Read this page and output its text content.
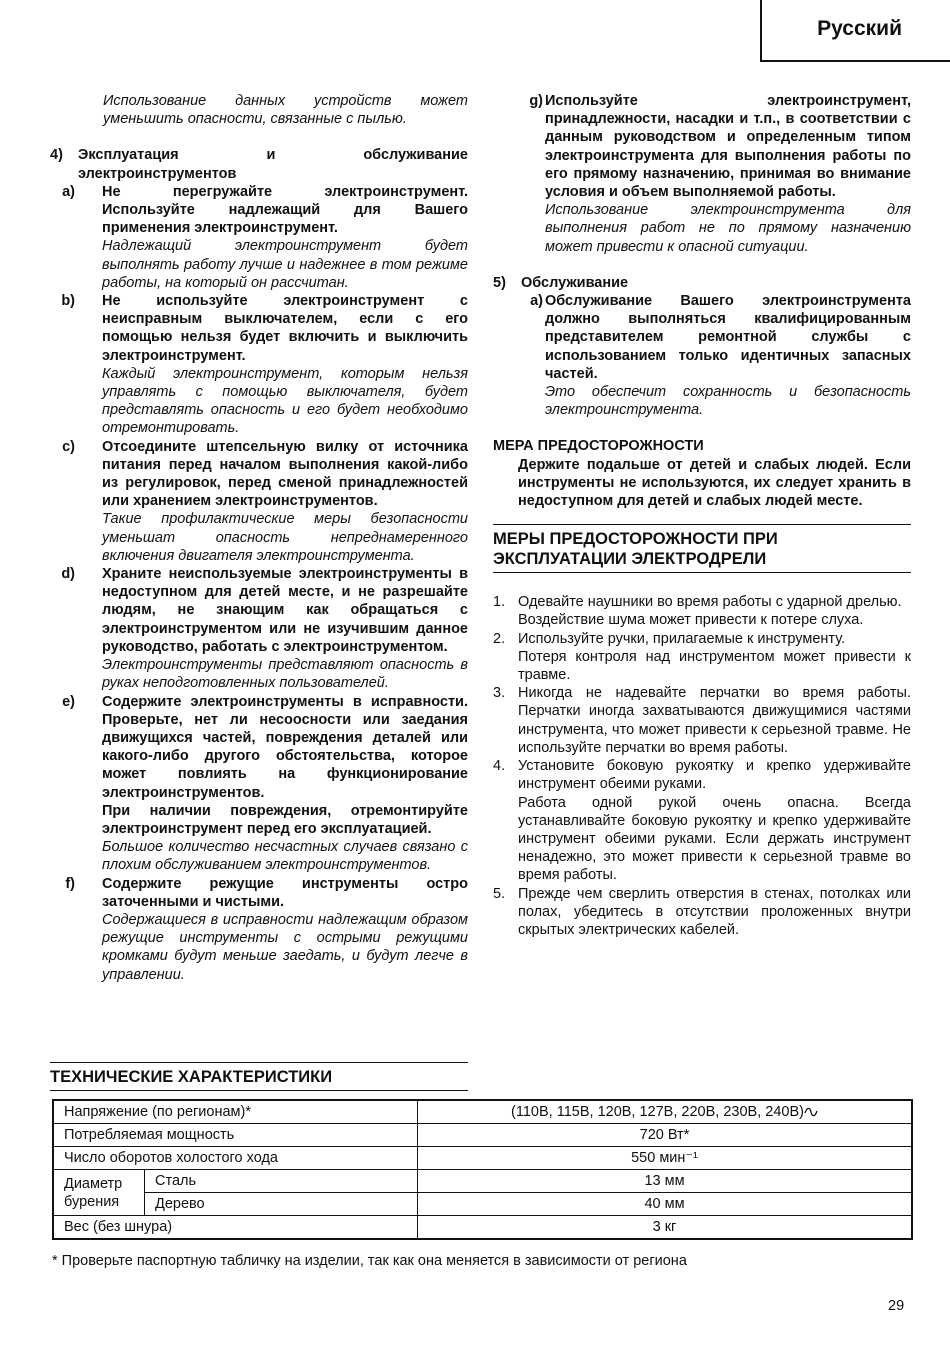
Русский
Использование данных устройств может уменьшить опасности, связанные с пылью.
4)	Эксплуатация и обслуживание
электроинструментов
a) Не перегружайте электроинструмент. Используйте надлежащий для Вашего применения электроинструмент.
Надлежащий электроинструмент будет выполнять работу лучше и надежнее в том режиме работы, на который он рассчитан.
b) Не используйте электроинструмент с неисправным выключателем, если с его помощью нельзя будет включить и выключить электроинструмент.
Каждый электроинструмент, которым нельзя управлять с помощью выключателя, будет представлять опасность и его будет необходимо отремонтировать.
c) Отсоедините штепсельную вилку от источника питания перед началом выполнения какой-либо из регулировок, перед сменой принадлежностей или хранением электроинструментов.
Такие профилактические меры безопасности уменьшат опасность непреднамеренного включения двигателя электроинструмента.
d) Храните неиспользуемые электроинструменты в недоступном для детей месте, и не разрешайте людям, не знающим как обращаться с электроинструментом или не изучившим данное руководство, работать с электроинструментом.
Электроинструменты представляют опасность в руках неподготовленных пользователей.
e) Содержите электроинструменты в исправности. Проверьте, нет ли несоосности или заедания движущихся частей, повреждения деталей или какого-либо другого обстоятельства, которое может повлиять на функционирование электроинструментов.
При наличии повреждения, отремонтируйте электроинструмент перед его эксплуатацией.
Большое количество несчастных случаев связано с плохим обслуживанием электроинструментов.
f) Содержите режущие инструменты остро заточенными и чистыми.
Содержащиеся в исправности надлежащим образом режущие инструменты с острыми режущими кромками будут меньше заедать, и будут легче в управлении.
g) Используйте электроинструмент, принадлежности, насадки и т.п., в соответствии с данным руководством и определенным типом электроинструмента для выполнения работы по его прямому назначению, принимая во внимание условия и объем выполняемой работы.
Использование электроинструмента для выполнения работ не по прямому назначению может привести к опасной ситуации.
5)	Обслуживание
a) Обслуживание Вашего электроинструмента должно выполняться квалифицированным представителем ремонтной службы с использованием только идентичных запасных частей.
Это обеспечит сохранность и безопасность электроинструмента.
МЕРА ПРЕДОСТОРОЖНОСТИ
Держите подальше от детей и слабых людей. Если инструменты не используются, их следует хранить в недоступном для детей и слабых людей месте.
МЕРЫ ПРЕДОСТОРОЖНОСТИ ПРИ ЭКСПЛУАТАЦИИ ЭЛЕКТРОДРЕЛИ
1. Одевайте наушники во время работы с ударной дрелью.
Воздействие шума может привести к потере слуха.
2. Используйте ручки, прилагаемые к инструменту.
Потеря контроля над инструментом может привести к травме.
3. Никогда не надевайте перчатки во время работы. Перчатки иногда захватываются движущимися частями инструмента, что может привести к серьезной травме. Не используйте перчатки во время работы.
4. Установите боковую рукоятку и крепко удерживайте инструмент обеими руками.
Работа одной рукой очень опасна. Всегда устанавливайте боковую рукоятку и крепко удерживайте инструмент обеими руками. Если держать инструмент ненадежно, это может привести к серьезной травме во время работы.
5. Прежде чем сверлить отверстия в стенах, потолках или полах, убедитесь в отсутствии проложенных внутри скрытых электрических кабелей.
ТЕХНИЧЕСКИЕ ХАРАКТЕРИСТИКИ
Напряжение (по регионам)*		(110В, 115В, 120В, 127В, 220В, 230В, 240В)
Потребляемая мощность		720 Вт*
Число оборотов холостого хода		550 мин⁻¹
Диаметр бурения	Сталь	13 мм
	Дерево	40 мм
Вес (без шнура)		3 кг
* Проверьте паспортную табличку на изделии, так как она меняется в зависимости от региона
29
